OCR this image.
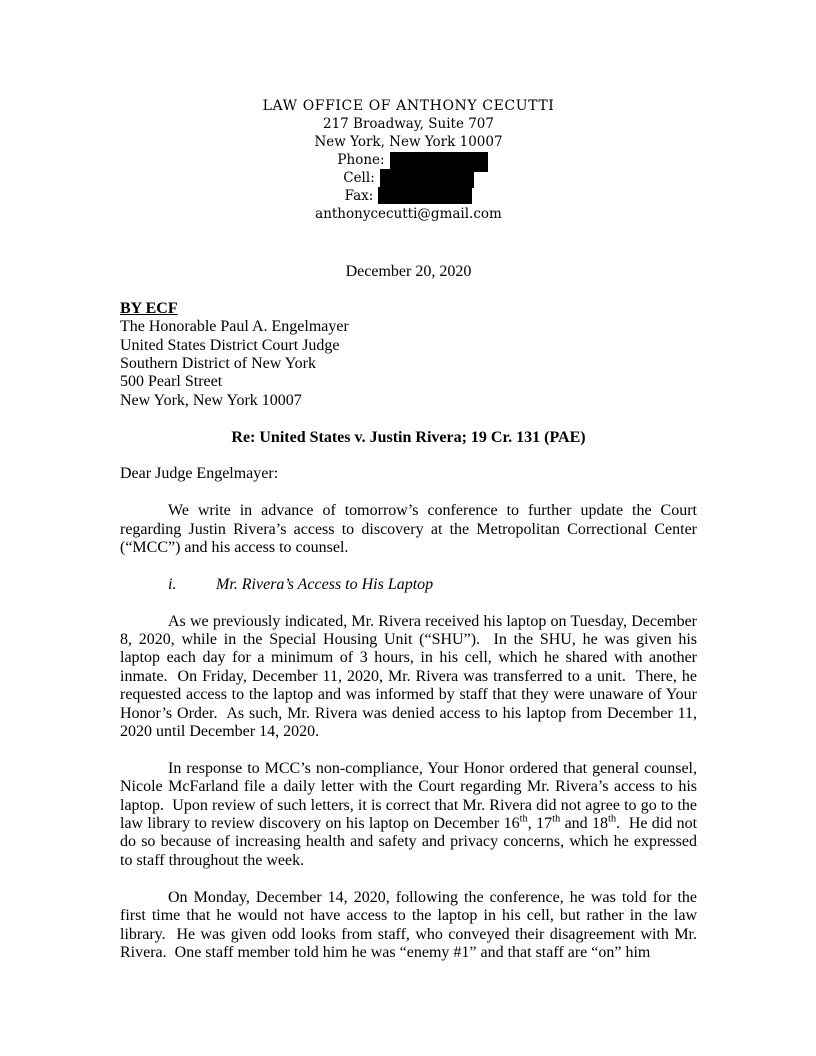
LAW OFFICE OF ANTHONY CECUTTI
217 Broadway, Suite 707
New York, New York 10007
Phone:
Cell:
Fax:
anthonycecutti@gmail.com
December 20, 2020
BY ECF
The Honorable Paul A. Engelmayer
United States District Court Judge
Southern District of New York
500 Pearl Street
New York, New York 10007
Re: United States v. Justin Rivera; 19 Cr. 131 (PAE)
Dear Judge Engelmayer:

We write in advance of tomorrow’s conference to further update the Court regarding Justin Rivera’s access to discovery at the Metropolitan Correctional Center (“MCC”) and his access to counsel.

i. Mr. Rivera’s Access to His Laptop

As we previously indicated, Mr. Rivera received his laptop on Tuesday, December 8, 2020, while in the Special Housing Unit (“SHU”).  In the SHU, he was given his laptop each day for a minimum of 3 hours, in his cell, which he shared with another inmate.  On Friday, December 11, 2020, Mr. Rivera was transferred to a unit.  There, he requested access to the laptop and was informed by staff that they were unaware of Your Honor’s Order.  As such, Mr. Rivera was denied access to his laptop from December 11, 2020 until December 14, 2020.

In response to MCC’s non-compliance, Your Honor ordered that general counsel, Nicole McFarland file a daily letter with the Court regarding Mr. Rivera’s access to his laptop.  Upon review of such letters, it is correct that Mr. Rivera did not agree to go to the law library to review discovery on his laptop on December 16th, 17th and 18th.  He did not do so because of increasing health and safety and privacy concerns, which he expressed to staff throughout the week.

On Monday, December 14, 2020, following the conference, he was told for the first time that he would not have access to the laptop in his cell, but rather in the law library.  He was given odd looks from staff, who conveyed their disagreement with Mr. Rivera.  One staff member told him he was “enemy #1” and that staff are “on” him
